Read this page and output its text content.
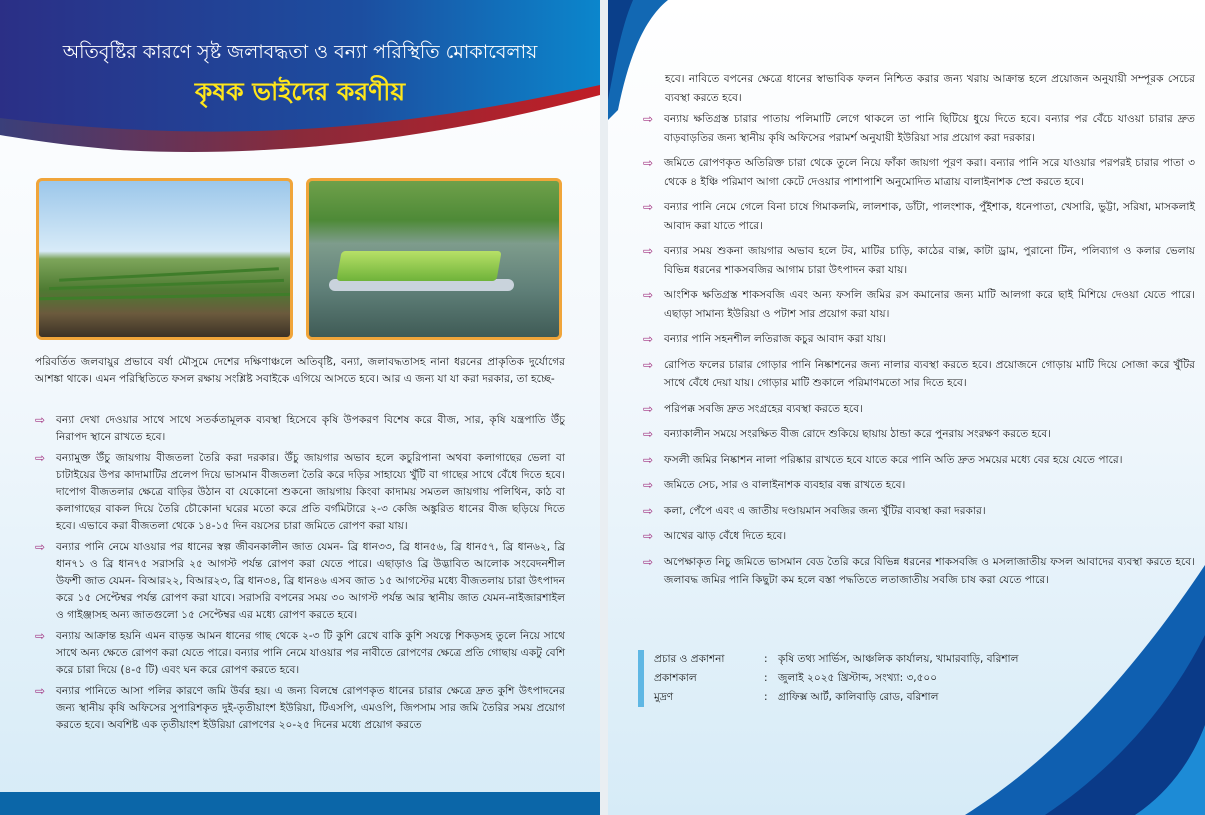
অতিবৃষ্টির কারণে সৃষ্ট জলাবদ্ধতা ও বন্যা পরিস্থিতি মোকাবেলায়
কৃষক ভাইদের করণীয়
পরিবর্তিত জলবায়ুর প্রভাবে বর্ষা মৌসুমে দেশের দক্ষিণাঞ্চলে অতিবৃষ্টি, বন্যা, জলাবদ্ধতাসহ নানা ধরনের প্রাকৃতিক দুর্যোগের আশঙ্কা থাকে। এমন পরিস্থিতিতে ফসল রক্ষায় সংশ্লিষ্ট সবাইকে এগিয়ে আসতে হবে। আর এ জন্য যা যা করা দরকার, তা হচ্ছে-
⇨ বন্যা দেখা দেওয়ার সাথে সাথে সতর্কতামূলক ব্যবস্থা হিসেবে কৃষি উপকরণ বিশেষ করে বীজ, সার, কৃষি যন্ত্রপাতি উঁচু নিরাপদ স্থানে রাখতে হবে।
⇨ বন্যামুক্ত উঁচু জায়গায় বীজতলা তৈরি করা দরকার। উঁচু জায়গার অভাব হলে কচুরিপানা অথবা কলাগাছের ভেলা বা চাটাইয়ের উপর কাদামাটির প্রলেপ দিয়ে ভাসমান বীজতলা তৈরি করে দড়ির সাহায্যে খুঁটি বা গাছের সাথে বেঁধে দিতে হবে। দাপোগ বীজতলার ক্ষেত্রে বাড়ির উঠান বা যেকোনো শুকনো জায়গায় কিংবা কাদাময় সমতল জায়গায় পলিথিন, কাঠ বা কলাগাছের বাকল দিয়ে তৈরি চৌকোনা ঘরের মতো করে প্রতি বর্গমিটারে ২-৩ কেজি অঙ্কুরিত ধানের বীজ ছড়িয়ে দিতে হবে। এভাবে করা বীজতলা থেকে ১৪-১৫ দিন বয়সের চারা জমিতে রোপণ করা যায়।
⇨ বন্যার পানি নেমে যাওয়ার পর ধানের স্বল্প জীবনকালীন জাত যেমন- ব্রি ধান৩৩, ব্রি ধান৫৬, ব্রি ধান৫৭, ব্রি ধান৬২, ব্রি ধান৭১ ও ব্রি ধান৭৫ সরাসরি ২৫ আগস্ট পর্যন্ত রোপণ করা যেতে পারে। এছাড়াও ব্রি উদ্ভাবিত আলোক সংবেদনশীল উফশী জাত যেমন- বিআর২২, বিআর২৩, ব্রি ধান৩৪, ব্রি ধান৪৬ এসব জাত ১৫ আগস্টের মধ্যে বীজতলায় চারা উৎপাদন করে ১৫ সেপ্টেম্বর পর্যন্ত রোপণ করা যাবে। সরাসরি বপনের সময় ৩০ আগস্ট পর্যন্ত আর স্থানীয় জাত যেমন-নাইজারশাইল ও গাইঞ্জাসহ অন্য জাতগুলো ১৫ সেপ্টেম্বর এর মধ্যে রোপণ করতে হবে।
⇨ বন্যায় আক্রান্ত হয়নি এমন বাড়ন্ত আমন ধানের গাছ থেকে ২-৩ টি কুশি রেখে বাকি কুশি সযত্নে শিকড়সহ তুলে নিয়ে সাথে সাথে অন্য ক্ষেতে রোপণ করা যেতে পারে। বন্যার পানি নেমে যাওয়ার পর নাবীতে রোপণের ক্ষেত্রে প্রতি গোছায় একটু বেশি করে চারা দিয়ে (৪-৫ টি) এবং ঘন করে রোপণ করতে হবে।
⇨ বন্যার পানিতে আসা পলির কারণে জমি উর্বর হয়। এ জন্য বিলম্বে রোপণকৃত ধানের চারার ক্ষেত্রে দ্রুত কুশি উৎপাদনের জন্য স্থানীয় কৃষি অফিসের সুপারিশকৃত দুই-তৃতীয়াংশ ইউরিয়া, টিএসপি, এমওপি, জিপসাম সার জমি তৈরির সময় প্রয়োগ করতে হবে। অবশিষ্ট এক তৃতীয়াংশ ইউরিয়া রোপণের ২০-২৫ দিনের মধ্যে প্রয়োগ করতে
হবে। নাবিতে বপনের ক্ষেত্রে ধানের স্বাভাবিক ফলন নিশ্চিত করার জন্য খরায় আক্রান্ত হলে প্রয়োজন অনুযায়ী সম্পূরক সেচের ব্যবস্থা করতে হবে।
⇨ বন্যায় ক্ষতিগ্রস্ত চারার পাতায় পলিমাটি লেগে থাকলে তা পানি ছিটিয়ে ধুয়ে দিতে হবে। বন্যার পর বেঁচে যাওয়া চারার দ্রুত বাড়বাড়তির জন্য স্থানীয় কৃষি অফিসের পরামর্শ অনুযায়ী ইউরিয়া সার প্রয়োগ করা দরকার।
⇨ জমিতে রোপণকৃত অতিরিক্ত চারা থেকে তুলে নিয়ে ফাঁকা জায়গা পূরণ করা। বন্যার পানি সরে যাওয়ার পরপরই চারার পাতা ৩ থেকে ৪ ইঞ্চি পরিমাণ আগা কেটে দেওয়ার পাশাপাশি অনুমোদিত মাত্রায় বালাইনাশক স্প্রে করতে হবে।
⇨ বন্যার পানি নেমে গেলে বিনা চাষে গিমাকলমি, লালশাক, ডাঁটা, পালংশাক, পুঁইশাক, ধনেপাতা, খেসারি, ভুট্টা, সরিষা, মাসকলাই আবাদ করা যাতে পারে।
⇨ বন্যার সময় শুকনা জায়গার অভাব হলে টব, মাটির চাড়ি, কাঠের বাক্স, কাটা ড্রাম, পুরানো টিন, পলিব্যাগ ও কলার ভেলায় বিভিন্ন ধরনের শাকসবজির আগাম চারা উৎপাদন করা যায়।
⇨ আংশিক ক্ষতিগ্রস্ত শাকসবজি এবং অন্য ফসলি জমির রস কমানোর জন্য মাটি আলগা করে ছাই মিশিয়ে দেওয়া যেতে পারে। এছাড়া সামান্য ইউরিয়া ও পটাশ সার প্রয়োগ করা যায়।
⇨ বন্যার পানি সহনশীল লতিরাজ কচুর আবাদ করা যায়।
⇨ রোপিত ফলের চারার গোড়ার পানি নিষ্কাশনের জন্য নালার ব্যবস্থা করতে হবে। প্রয়োজনে গোড়ায় মাটি দিয়ে সোজা করে খুঁটির সাথে বেঁধে দেয়া যায়। গোড়ার মাটি শুকালে পরিমাণমতো সার দিতে হবে।
⇨ পরিপক্ক সবজি দ্রুত সংগ্রহের ব্যবস্থা করতে হবে।
⇨ বন্যাকালীন সময়ে সংরক্ষিত বীজ রোদে শুকিয়ে ছায়ায় ঠান্ডা করে পুনরায় সংরক্ষণ করতে হবে।
⇨ ফসলী জমির নিষ্কাশন নালা পরিষ্কার রাখতে হবে যাতে করে পানি অতি দ্রুত সময়ের মধ্যে বের হয়ে যেতে পারে।
⇨ জমিতে সেচ, সার ও বালাইনাশক ব্যবহার বন্ধ রাখতে হবে।
⇨ কলা, পেঁপে এবং এ জাতীয় দণ্ডায়মান সবজির জন্য খুঁটির ব্যবস্থা করা দরকার।
⇨ আখের ঝাড় বেঁধে দিতে হবে।
⇨ অপেক্ষাকৃত নিচু জমিতে ভাসমান বেড তৈরি করে বিভিন্ন ধরনের শাকসবজি ও মসলাজাতীয় ফসল আবাদের ব্যবস্থা করতে হবে। জলাবদ্ধ জমির পানি কিছুটা কম হলে বস্তা পদ্ধতিতে লতাজাতীয় সবজি চাষ করা যেতে পারে।
প্রচার ও প্রকাশনা	: কৃষি তথ্য সার্ভিস, আঞ্চলিক কার্যালয়, খামারবাড়ি, বরিশাল
প্রকাশকাল	: জুলাই ২০২৫ খ্রিস্টাব্দ, সংখ্যা: ৩,৫০০
মুদ্রণ	: গ্রাফিক্স আর্ট, কালিবাড়ি রোড, বরিশাল
